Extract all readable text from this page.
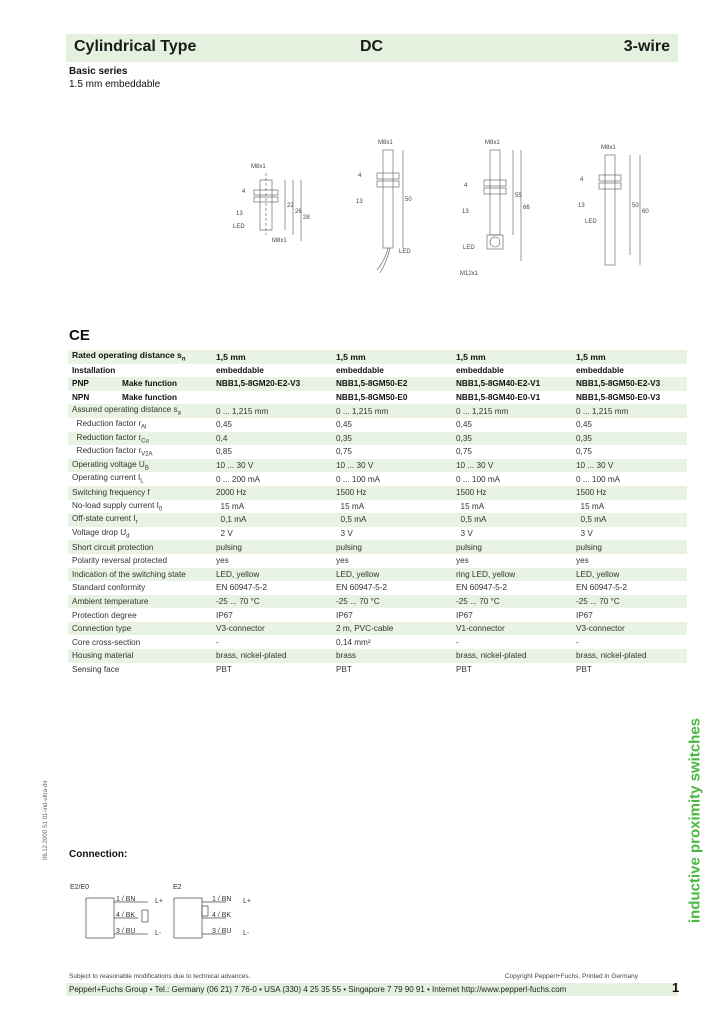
Cylindrical Type	DC	3-wire
Basic series
1.5 mm embeddable
M8x1
4
13
22
26
28
LED
M8x1
M8x1
4
13	50
LED
M8x1
4
13
55
66
LED
M12x1
M8x1
4
13	50
60
LED
CE
Rated operating distance $s_n$	1,5 mm	1,5 mm	1,5 mm	1,5 mm
Installation	embeddable	embeddable	embeddable	embeddable
PNP Make function	NBB1,5-8GM20-E2-V3	NBB1,5-8GM50-E2	NBB1,5-8GM40-E2-V1	NBB1,5-8GM50-E2-V3
NPN Make function		NBB1,5-8GM50-E0	NBB1,5-8GM40-E0-V1	NBB1,5-8GM50-E0-V3
Assured operating distance $s_a$	0 ... 1,215 mm	0 ... 1,215 mm	0 ... 1,215 mm	0 ... 1,215 mm
Reduction factor $r_{Al}$	0,45	0,45	0,45	0,45
Reduction factor $r_{Cu}$	0,4	0,35	0,35	0,35
Reduction factor $r_{V2A}$	0,85	0,75	0,75	0,75
Operating voltage $U_B$	10 ... 30 V	10 ... 30 V	10 ... 30 V	10 ... 30 V
Operating current $I_L$	0 ... 200 mA	0 ... 100 mA	0 ... 100 mA	0 ... 100 mA
Switching frequency f	2000 Hz	1500 Hz	1500 Hz	1500 Hz
No-load supply current $I_0$	15 mA	15 mA	15 mA	15 mA
Off-state current $I_r$	0,1 mA	0,5 mA	0,5 mA	0,5 mA
Voltage drop $U_d$	2 V	3 V	3 V	3 V
Short circuit protection	pulsing	pulsing	pulsing	pulsing
Polarity reversal protected	yes	yes	yes	yes
Indication of the switching state	LED, yellow	LED, yellow	ring LED, yellow	LED, yellow
Standard conformity	EN 60947-5-2	EN 60947-5-2	EN 60947-5-2	EN 60947-5-2
Ambient temperature	-25 ... 70 °C	-25 ... 70 °C	-25 ... 70 °C	-25 ... 70 °C
Protection degree	IP67	IP67	IP67	IP67
Connection type	V3-connector	2 m, PVC-cable	V1-connector	V3-connector
Core cross-section	-	0,14 mm²	-	-
Housing material	brass, nickel-plated	brass	brass, nickel-plated	brass, nickel-plated
Sensing face	PBT	PBT	PBT	PBT
inductive proximity switches
Connection:
E2/E0
1 / BN
4 / BK
3 / BU
L+
L-
E2
1 / BN
4 / BK
3 / BU
L+
L-
06.12.2000 S1 01-ind-ultra-dir
Subject to reasonable modifications due to technical advances.	Copyright Pepperl+Fuchs, Printed in Germany
Pepperl+Fuchs Group • Tel.: Germany (06 21) 7 76-0 • USA (330) 4 25 35 55 • Singapore 7 79 90 91 • Internet http://www.pepperl-fuchs.com	1
